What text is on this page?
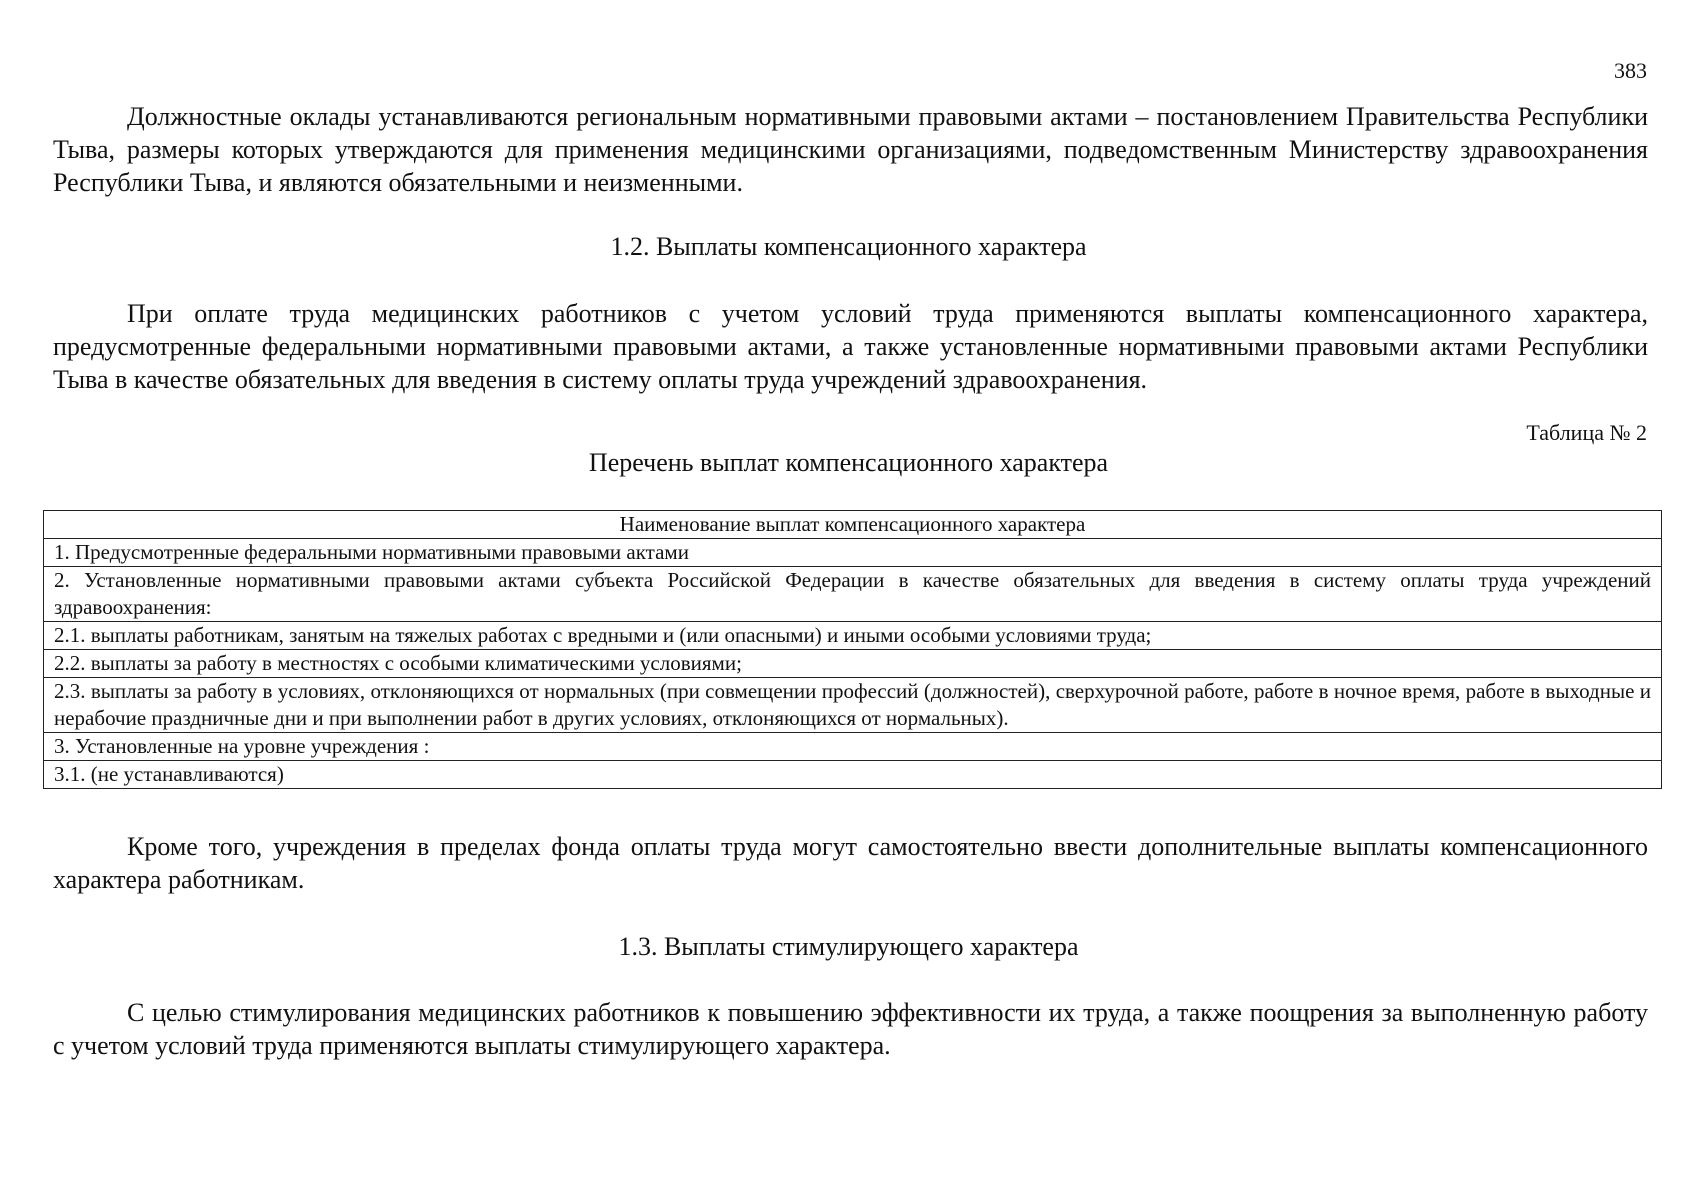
383

Должностные оклады устанавливаются региональным нормативными правовыми актами – постановлением Правительства Республики Тыва, размеры которых утверждаются для применения медицинскими организациями, подведомственным Министерству здравоохранения Республики Тыва, и являются обязательными и неизменными.

1.2. Выплаты компенсационного характера

При оплате труда медицинских работников с учетом условий труда применяются выплаты компенсационного характера, предусмотренные федеральными нормативными правовыми актами, а также установленные нормативными правовыми актами Республики Тыва в качестве обязательных для введения в систему оплаты труда учреждений здравоохранения.

Таблица № 2
Перечень выплат компенсационного характера
Наименование выплат компенсационного характера
1. Предусмотренные федеральными нормативными правовыми актами
2. Установленные нормативными правовыми актами субъекта Российской Федерации в качестве обязательных для введения в систему оплаты труда учреждений здравоохранения:
2.1. выплаты работникам, занятым на тяжелых работах с вредными и (или опасными) и иными особыми условиями труда;
2.2. выплаты за работу в местностях с особыми климатическими условиями;
2.3. выплаты за работу в условиях, отклоняющихся от нормальных (при совмещении профессий (должностей), сверхурочной работе, работе в ночное время, работе в выходные и нерабочие праздничные дни и при выполнении работ в других условиях, отклоняющихся от нормальных).
3. Установленные на уровне учреждения :
3.1. (не устанавливаются)

Кроме того, учреждения в пределах фонда оплаты труда могут самостоятельно ввести дополнительные выплаты компенсационного характера работникам.

1.3. Выплаты стимулирующего характера

С целью стимулирования медицинских работников к повышению эффективности их труда, а также поощрения за выполненную работу с учетом условий труда применяются выплаты стимулирующего характера.
